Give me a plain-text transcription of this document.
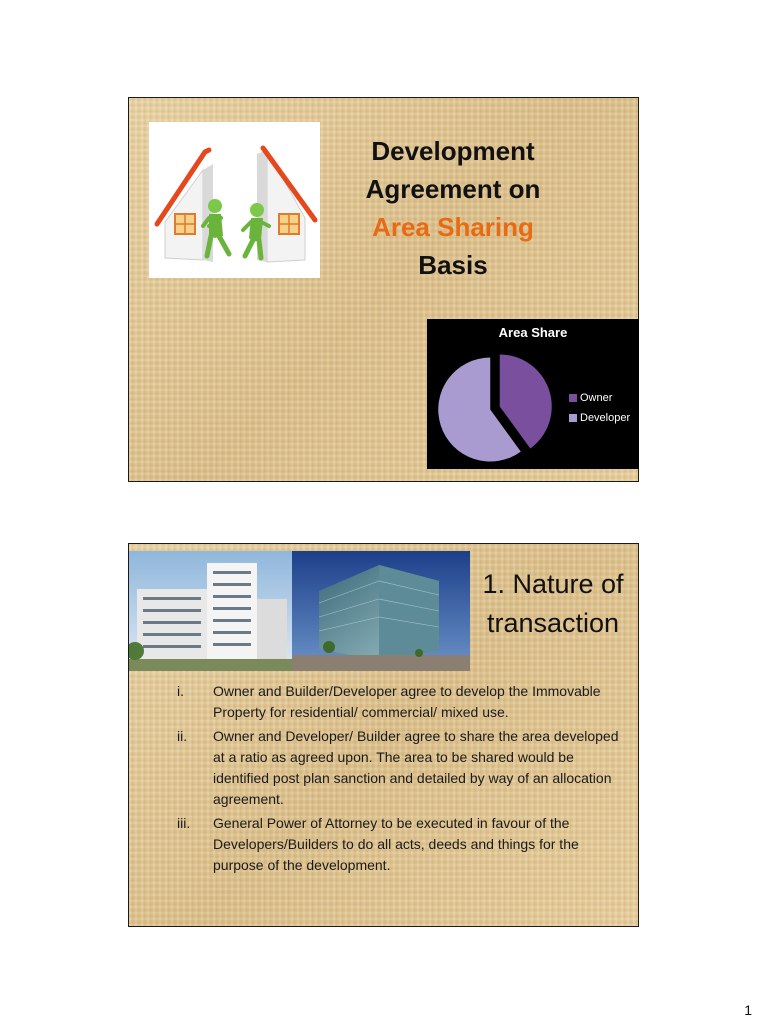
Development
Agreement on
Area Sharing
Basis
Area Share
Owner
Developer
1. Nature of
transaction
i.	Owner and Builder/Developer agree to develop the Immovable Property for residential/ commercial/ mixed use.
ii.	Owner and Developer/ Builder agree to share the area developed at a ratio as agreed upon. The area to be shared would be identified post plan sanction and detailed by way of an allocation agreement.
iii.	General Power of Attorney to be executed in favour of the Developers/Builders to do all acts, deeds and things for the purpose of the development.
1
